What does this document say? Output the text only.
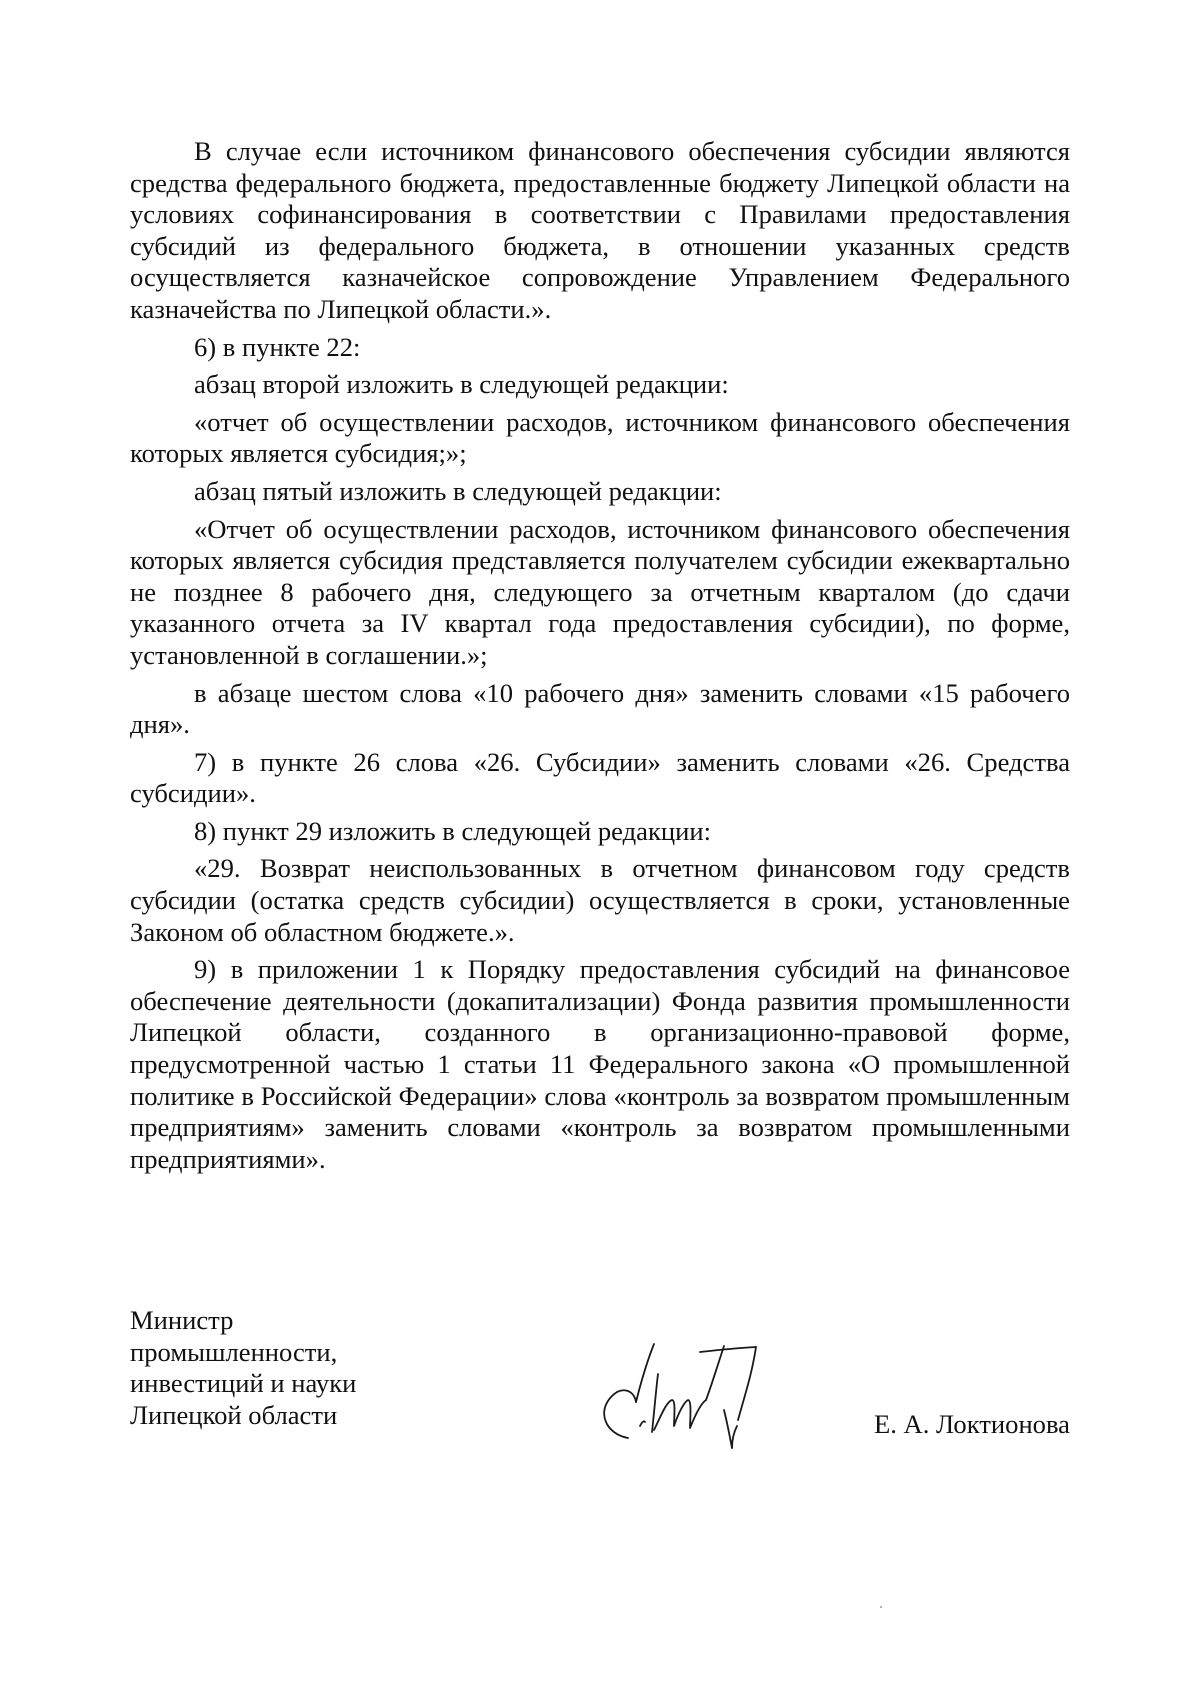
В случае если источником финансового обеспечения субсидии являются средства федерального бюджета, предоставленные бюджету Липецкой области на условиях софинансирования в соответствии с Правилами предоставления субсидий из федерального бюджета, в отношении указанных средств осуществляется казначейское сопровождение Управлением Федерального казначейства по Липецкой области.».

6) в пункте 22:

абзац второй изложить в следующей редакции:

«отчет об осуществлении расходов, источником финансового обеспечения которых является субсидия;»;

абзац пятый изложить в следующей редакции:

«Отчет об осуществлении расходов, источником финансового обеспечения которых является субсидия представляется получателем субсидии ежеквартально не позднее 8 рабочего дня, следующего за отчетным кварталом (до сдачи указанного отчета за IV квартал года предоставления субсидии), по форме, установленной в соглашении.»;

в абзаце шестом слова «10 рабочего дня» заменить словами «15 рабочего дня».

7) в пункте 26 слова «26. Субсидии» заменить словами «26. Средства субсидии».

8) пункт 29 изложить в следующей редакции:

«29. Возврат неиспользованных в отчетном финансовом году средств субсидии (остатка средств субсидии) осуществляется в сроки, установленные Законом об областном бюджете.».

9) в приложении 1 к Порядку предоставления субсидий на финансовое обеспечение деятельности (докапитализации) Фонда развития промышленности Липецкой области, созданного в организационно-правовой форме, предусмотренной частью 1 статьи 11 Федерального закона «О промышленной политике в Российской Федерации» слова «контроль за возвратом промышленным предприятиям» заменить словами «контроль за возвратом промышленными предприятиями».

Министр
промышленности,
инвестиций и науки
Липецкой области	Е. А. Локтионова
